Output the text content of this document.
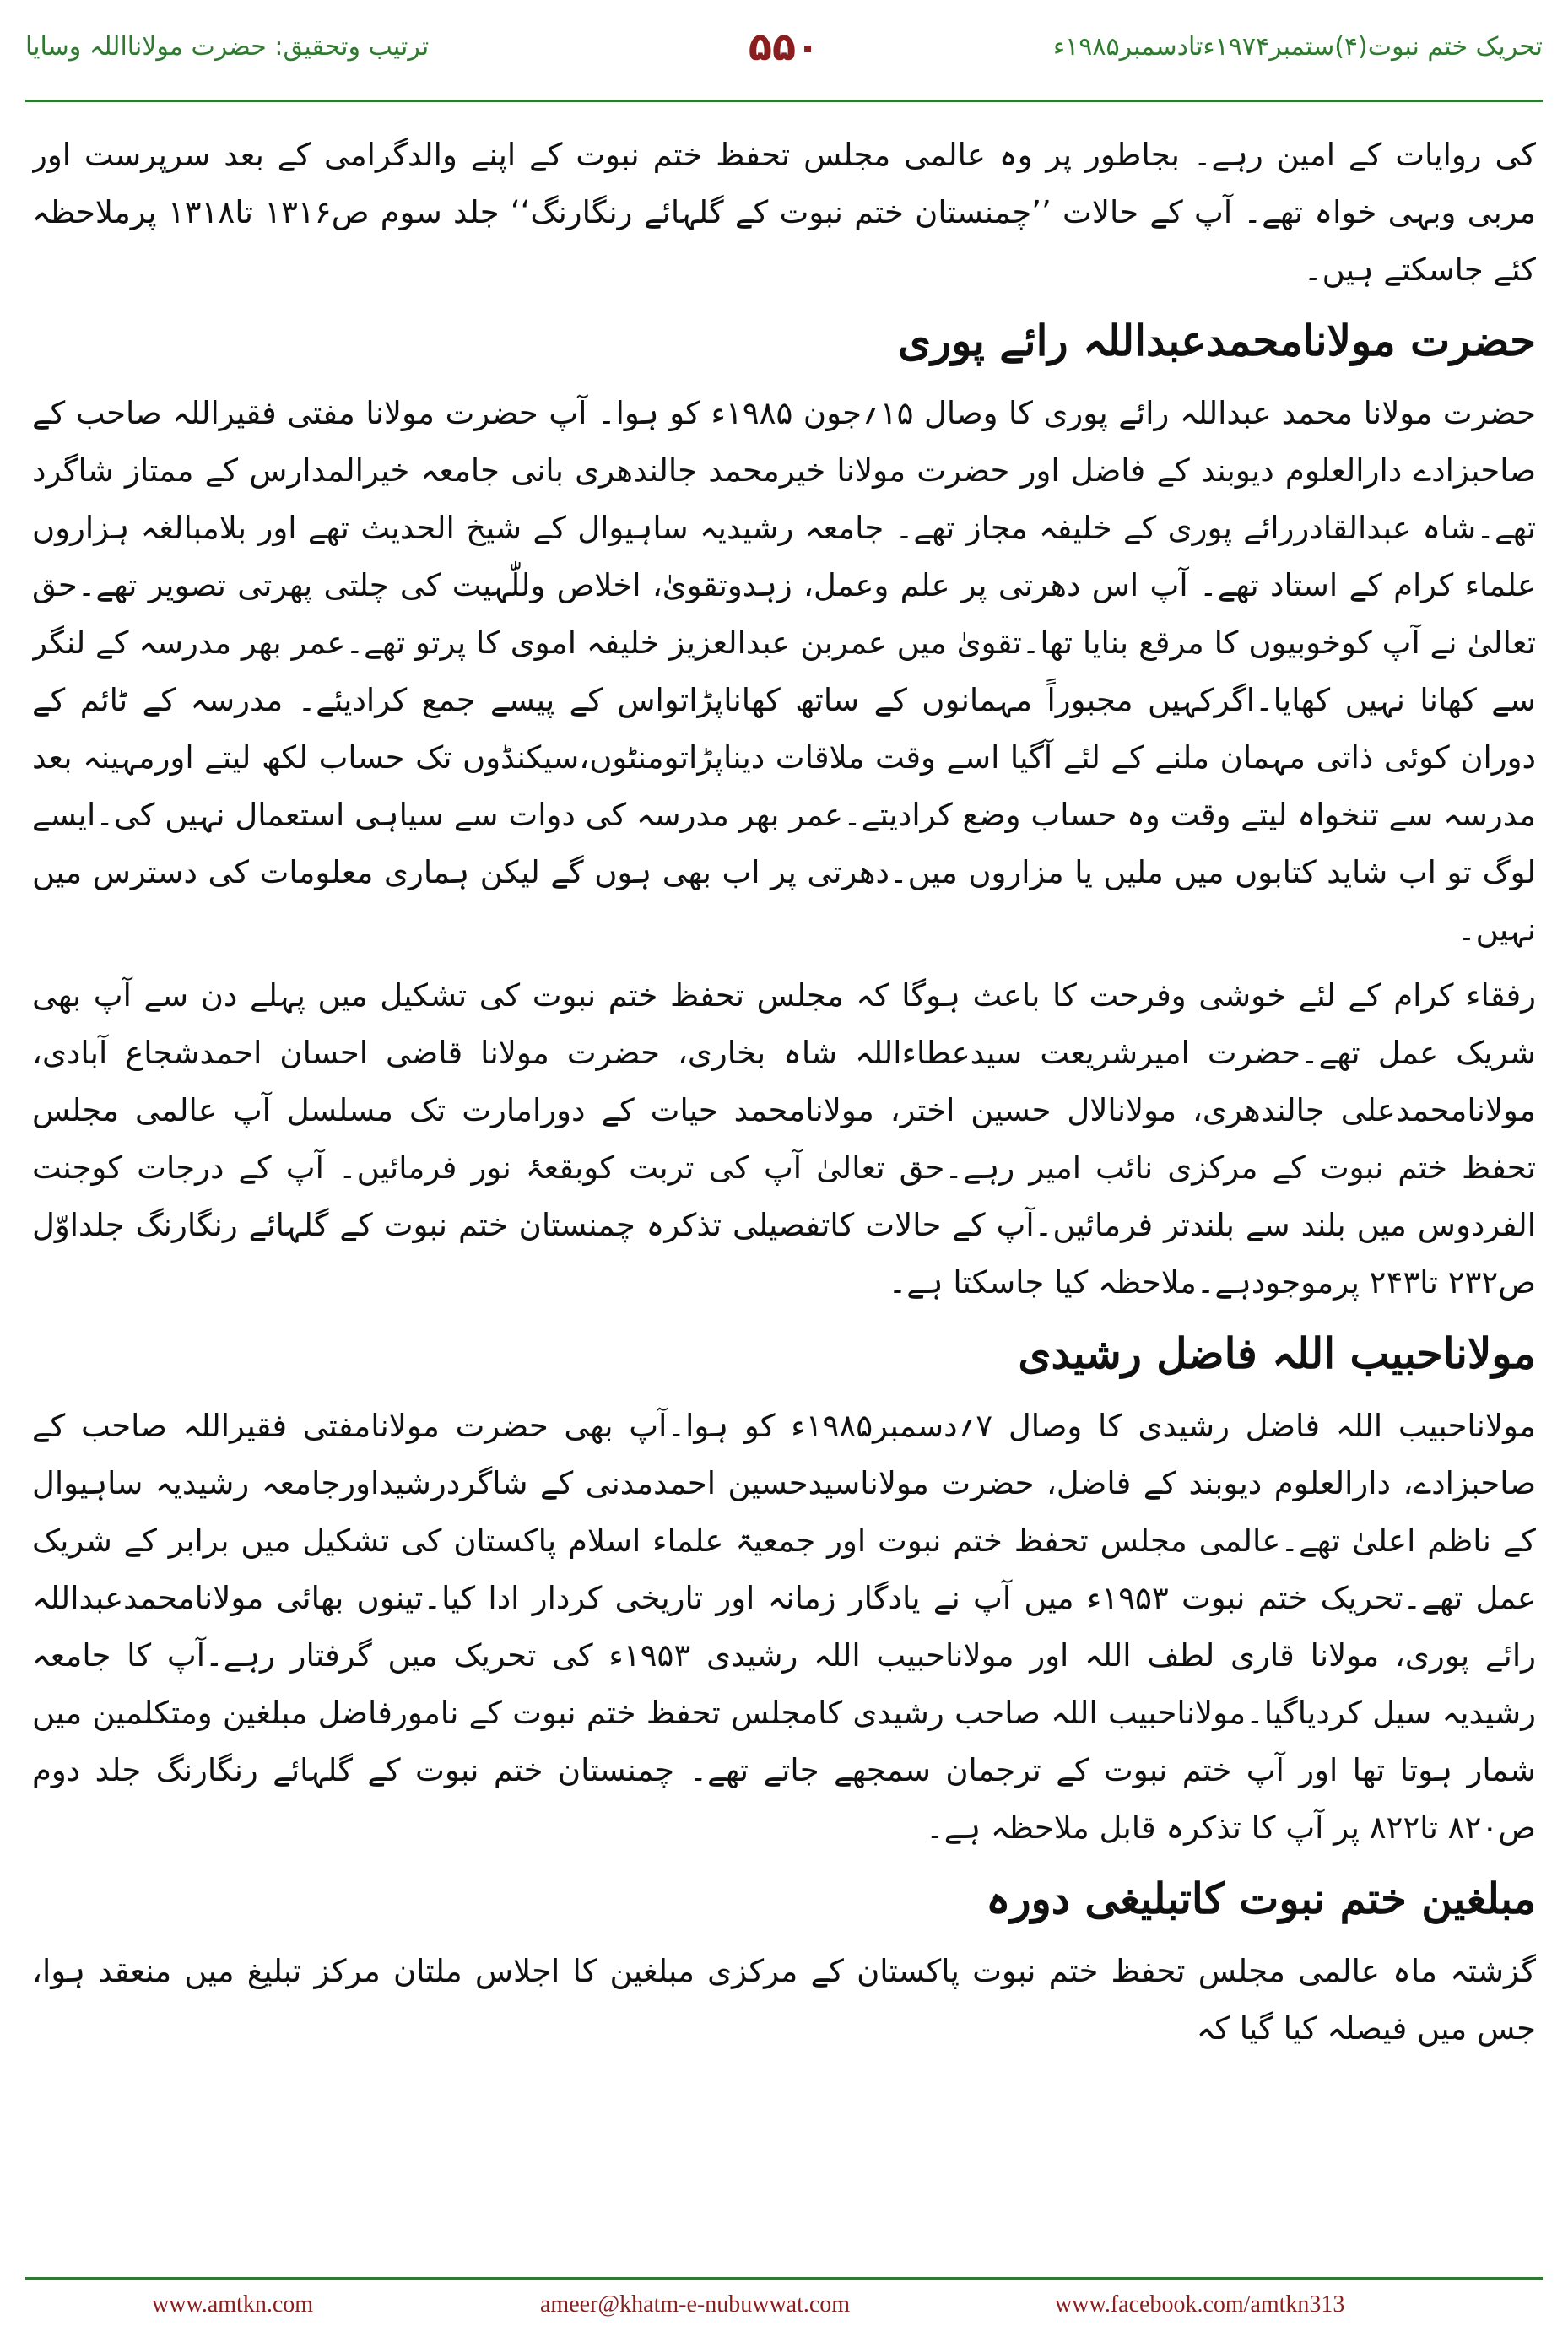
ترتیب وتحقیق: حضرت مولانااللہ وسایا	۵۵۰	تحریک ختم نبوت(۴)ستمبر۱۹۷۴ءتادسمبر۱۹۸۵ء

کی روایات کے امین رہے۔ بجاطور پر وہ عالمی مجلس تحفظ ختم نبوت کے اپنے والدگرامی کے بعد سرپرست اور مربی وبہی خواہ تھے۔ آپ کے حالات ’’چمنستان ختم نبوت کے گلہائے رنگارنگ‘‘ جلد سوم ص۱۳۱۶ تا۱۳۱۸ پرملاحظہ کئے جاسکتے ہیں۔

حضرت مولانامحمدعبداللہ رائے پوری

حضرت مولانا محمد عبداللہ رائے پوری کا وصال ۱۵؍جون ۱۹۸۵ء کو ہوا۔ آپ حضرت مولانا مفتی فقیراللہ صاحب کے صاحبزادے دارالعلوم دیوبند کے فاضل اور حضرت مولانا خیرمحمد جالندھری بانی جامعہ خیرالمدارس کے ممتاز شاگرد تھے۔شاہ عبدالقادررائے پوری کے خلیفہ مجاز تھے۔ جامعہ رشیدیہ ساہیوال کے شیخ الحدیث تھے اور بلامبالغہ ہزاروں علماء کرام کے استاد تھے۔ آپ اس دھرتی پر علم وعمل، زہدوتقویٰ، اخلاص وللّٰہیت کی چلتی پھرتی تصویر تھے۔حق تعالیٰ نے آپ کوخوبیوں کا مرقع بنایا تھا۔تقویٰ میں عمربن عبدالعزیز خلیفہ اموی کا پرتو تھے۔عمر بھر مدرسہ کے لنگر سے کھانا نہیں کھایا۔اگرکہیں مجبوراً مہمانوں کے ساتھ کھاناپڑاتواس کے پیسے جمع کرادیئے۔ مدرسہ کے ٹائم کے دوران کوئی ذاتی مہمان ملنے کے لئے آگیا اسے وقت ملاقات دیناپڑاتومنٹوں،سیکنڈوں تک حساب لکھ لیتے اورمہینہ بعد مدرسہ سے تنخواہ لیتے وقت وہ حساب وضع کرادیتے۔عمر بھر مدرسہ کی دوات سے سیاہی استعمال نہیں کی۔ایسے لوگ تو اب شاید کتابوں میں ملیں یا مزاروں میں۔دھرتی پر اب بھی ہوں گے لیکن ہماری معلومات کی دسترس میں نہیں۔

رفقاء کرام کے لئے خوشی وفرحت کا باعث ہوگا کہ مجلس تحفظ ختم نبوت کی تشکیل میں پہلے دن سے آپ بھی شریک عمل تھے۔حضرت امیرشریعت سیدعطاءاللہ شاہ بخاری، حضرت مولانا قاضی احسان احمدشجاع آبادی، مولانامحمدعلی جالندھری، مولانالال حسین اختر، مولانامحمد حیات کے دورامارت تک مسلسل آپ عالمی مجلس تحفظ ختم نبوت کے مرکزی نائب امیر رہے۔حق تعالیٰ آپ کی تربت کوبقعۂ نور فرمائیں۔ آپ کے درجات کوجنت الفردوس میں بلند سے بلندتر فرمائیں۔آپ کے حالات کاتفصیلی تذکرہ چمنستان ختم نبوت کے گلہائے رنگارنگ جلداوّل ص۲۳۲ تا۲۴۳ پرموجودہے۔ملاحظہ کیا جاسکتا ہے۔

مولاناحبیب اللہ فاضل رشیدی

مولاناحبیب اللہ فاضل رشیدی کا وصال ۷؍دسمبر۱۹۸۵ء کو ہوا۔آپ بھی حضرت مولانامفتی فقیراللہ صاحب کے صاحبزادے، دارالعلوم دیوبند کے فاضل، حضرت مولاناسیدحسین احمدمدنی کے شاگردرشیداورجامعہ رشیدیہ ساہیوال کے ناظم اعلیٰ تھے۔عالمی مجلس تحفظ ختم نبوت اور جمعیۃ علماء اسلام پاکستان کی تشکیل میں برابر کے شریک عمل تھے۔تحریک ختم نبوت ۱۹۵۳ء میں آپ نے یادگار زمانہ اور تاریخی کردار ادا کیا۔تینوں بھائی مولانامحمدعبداللہ رائے پوری، مولانا قاری لطف اللہ اور مولاناحبیب اللہ رشیدی ۱۹۵۳ء کی تحریک میں گرفتار رہے۔آپ کا جامعہ رشیدیہ سیل کردیاگیا۔مولاناحبیب اللہ صاحب رشیدی کامجلس تحفظ ختم نبوت کے نامورفاضل مبلغین ومتکلمین میں شمار ہوتا تھا اور آپ ختم نبوت کے ترجمان سمجھے جاتے تھے۔ چمنستان ختم نبوت کے گلہائے رنگارنگ جلد دوم ص۸۲۰ تا۸۲۲ پر آپ کا تذکرہ قابل ملاحظہ ہے۔

مبلغین ختم نبوت کاتبلیغی دورہ

گزشتہ ماہ عالمی مجلس تحفظ ختم نبوت پاکستان کے مرکزی مبلغین کا اجلاس ملتان مرکز تبلیغ میں منعقد ہوا، جس میں فیصلہ کیا گیا کہ

www.amtkn.com	ameer@khatm-e-nubuwwat.com	www.facebook.com/amtkn313
